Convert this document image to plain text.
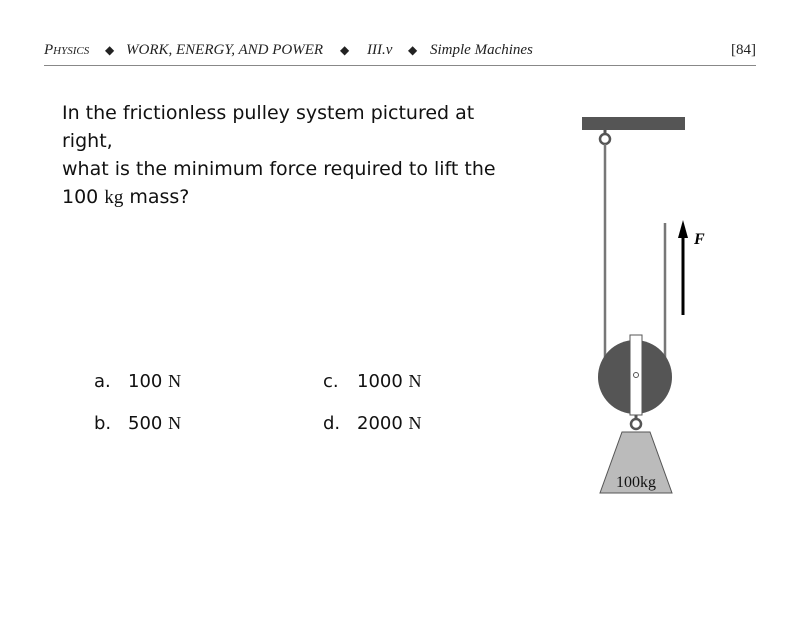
PHYSICS ◆ WORK, ENERGY, AND POWER ◆ III.v ◆ Simple Machines	[84]
In the frictionless pulley system pictured at right,
what is the minimum force required to lift the
100 kg mass?
a. 100 N
b. 500 N
c. 1000 N
d. 2000 N
100kg
F
